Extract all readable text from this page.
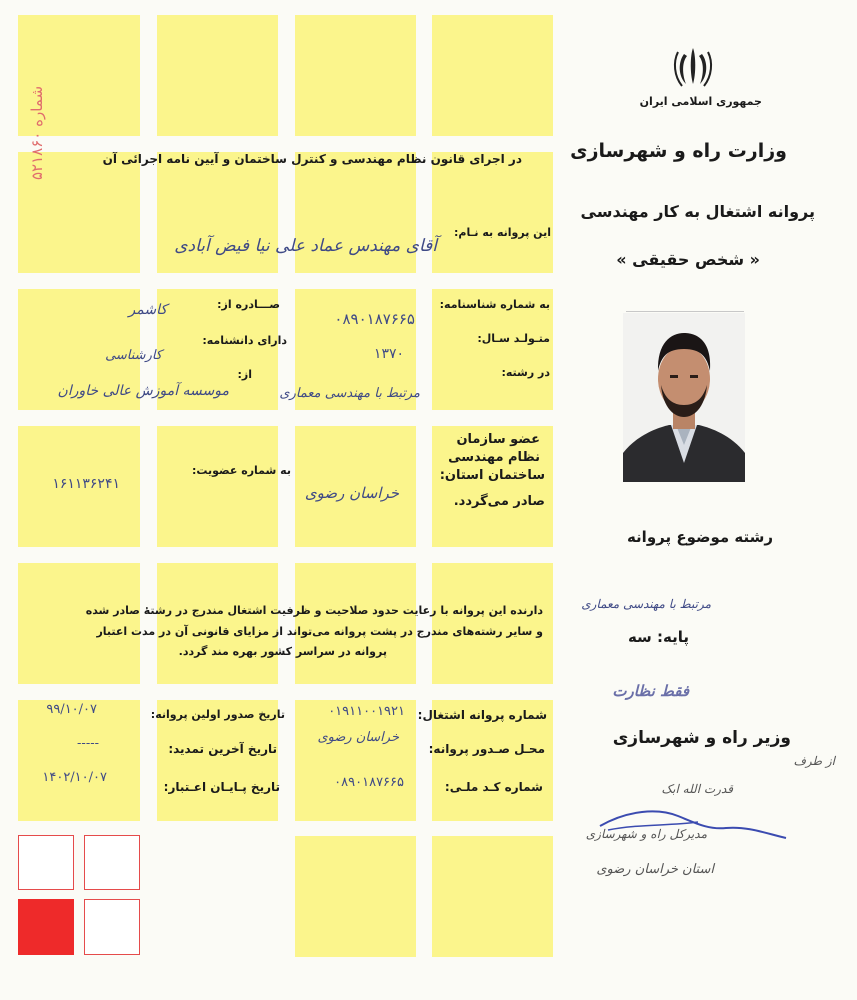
شماره ۵۲۱۸۶۰	جمهوری اسلامی ایران
وزارت راه و شهرسازی
پروانه اشتغال به کار مهندسی
« شخص حقیقی »
در اجرای قانون نظام مهندسی و کنترل ساختمان و آیین نامه اجرائی آن
این پروانه به نـام:
آقای مهندس عماد علی نیا فیض آبادی
به شماره شناسنامه:
۰۸۹۰۱۸۷۶۶۵
صـــادره از:
کاشمر
متـولـد سـال:
۱۳۷۰
دارای دانشنامه:
کارشناسی
در رشته:
مرتبط با مهندسی معماری
از:
موسسه آموزش عالی خاوران
عضو سازمان
نظام مهندسی
ساختمان استان:
خراسان رضوی	صادر می‌گردد.
به شماره عضویت:
۱۶۱۱۳۶۲۴۱
دارنده این پروانه با رعایت حدود صلاحیت و ظرفیت اشتغال مندرج در رشتهٔ صادر شده
و سایر رشته‌های مندرج در پشت پروانه می‌تواند از مزایای قانونی آن در مدت اعتبار
پروانه در سراسر کشور بهره مند گردد.
شماره پروانه اشتغال:
۰۱۹۱۱۰۰۱۹۲۱
محـل صـدور پروانه:
خراسان رضوی
شماره کـد ملـی:
۰۸۹۰۱۸۷۶۶۵
تاریخ صدور اولین پروانه:
۹۹/۱۰/۰۷
تاریخ آخرین تمدید:
-----
تاریخ پـایـان اعـتبار:
۱۴۰۲/۱۰/۰۷
رشته موضوع پروانه
مرتبط با مهندسی معماری
پایه: سه
فقط نظارت
وزیر راه و شهرسازی
از طرف
قدرت الله ابک
مدیرکل راه و شهرسازی
استان خراسان رضوی
